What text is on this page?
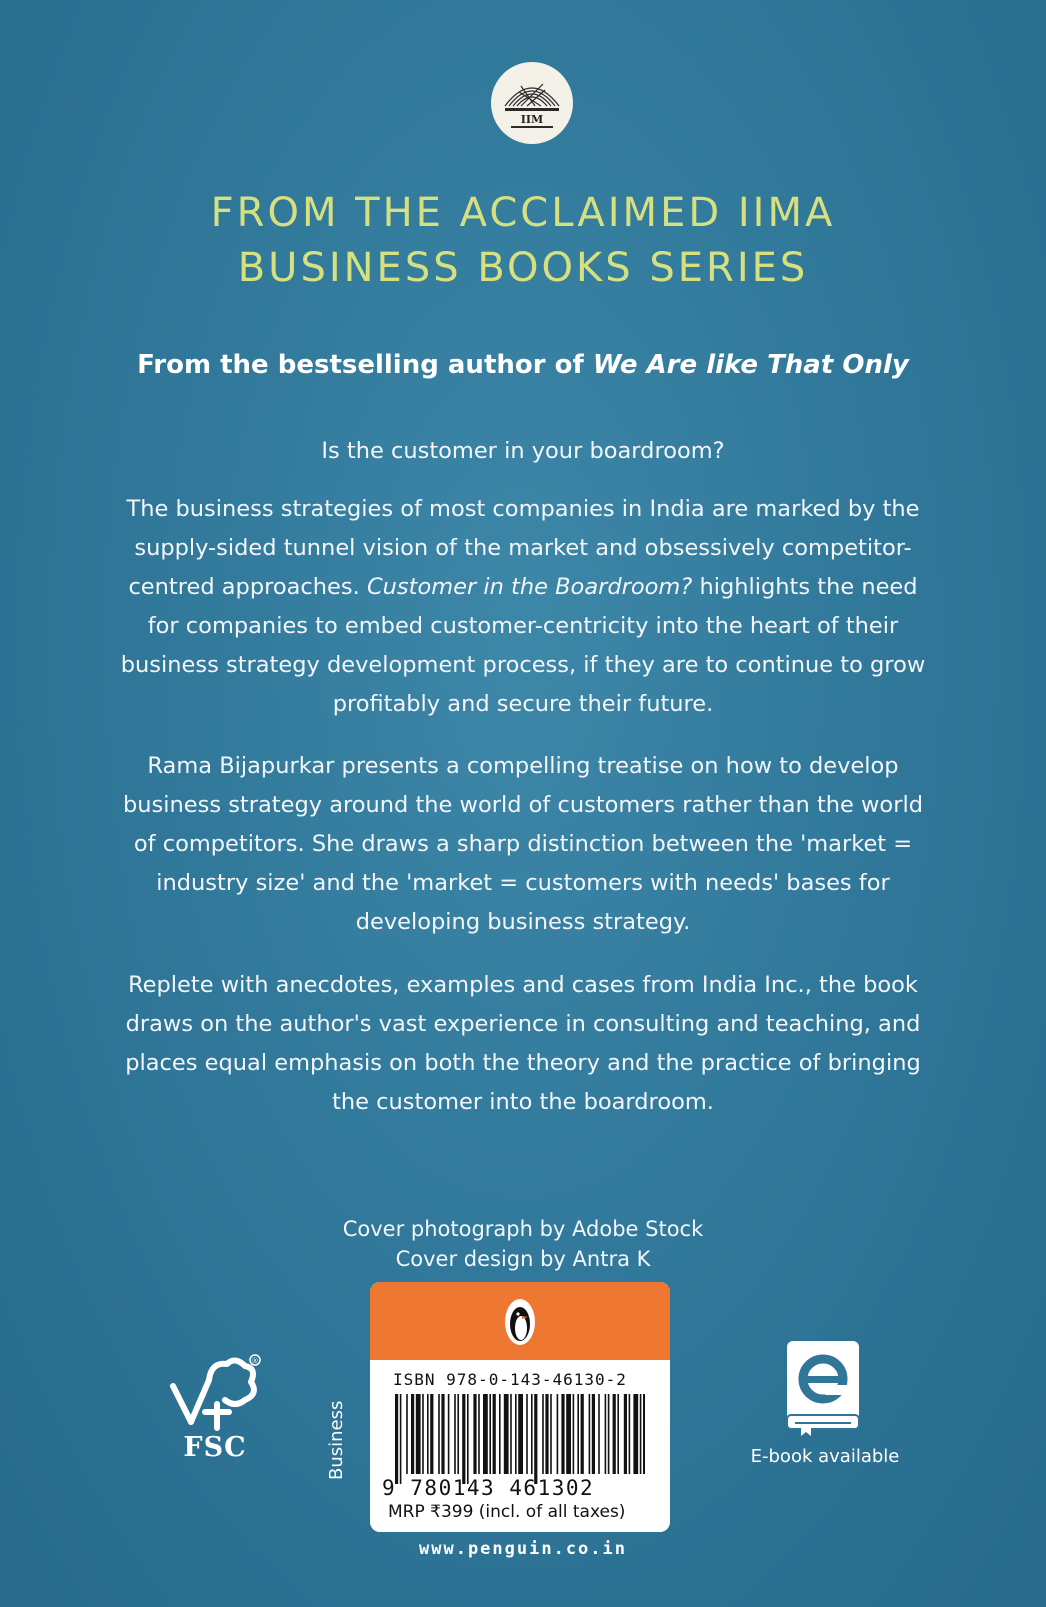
IIM
FROM THE ACCLAIMED IIMA
BUSINESS BOOKS SERIES
From the bestselling author of We Are like That Only

Is the customer in your boardroom?

The business strategies of most companies in India are marked by the supply-sided tunnel vision of the market and obsessively competitor-centred approaches. Customer in the Boardroom? highlights the need for companies to embed customer-centricity into the heart of their business strategy development process, if they are to continue to grow profitably and secure their future.

Rama Bijapurkar presents a compelling treatise on how to develop business strategy around the world of customers rather than the world of competitors. She draws a sharp distinction between the 'market = industry size' and the 'market = customers with needs' bases for developing business strategy.

Replete with anecdotes, examples and cases from India Inc., the book draws on the author's vast experience in consulting and teaching, and places equal emphasis on both the theory and the practice of bringing the customer into the boardroom.

Cover photograph by Adobe Stock
Cover design by Antra K
®
FSC	Business
ISBN 978-0-143-46130-2
9 780143 461302
MRP ₹399 (incl. of all taxes)
E-book available
www.penguin.co.in
